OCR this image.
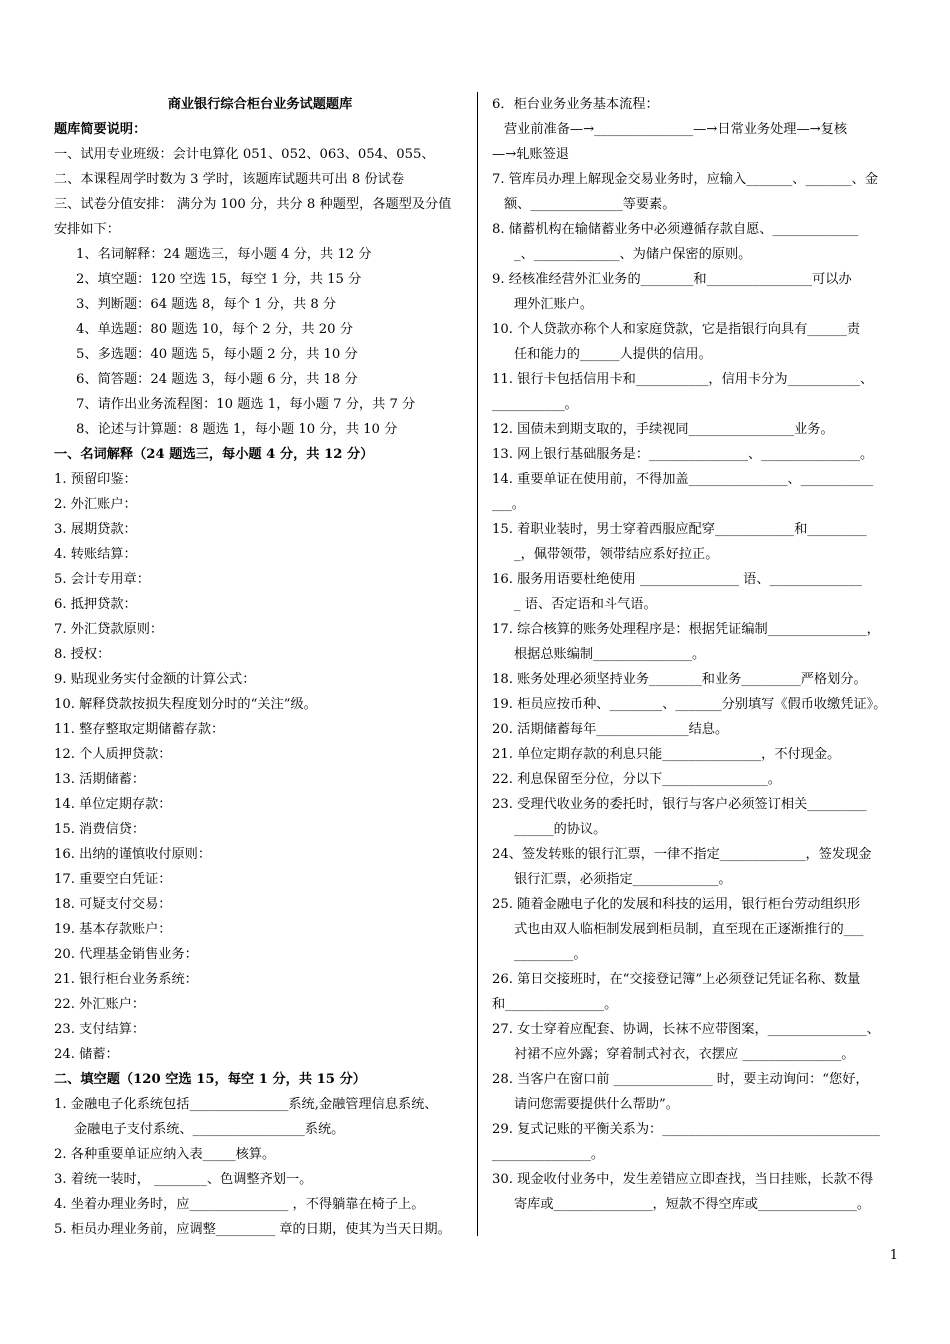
商业银行综合柜台业务试题题库
题库简要说明：
一、试用专业班级：会计电算化 051、052、063、054、055、
二、本课程周学时数为 3 学时，该题库试题共可出 8 份试卷
三、试卷分值安排： 满分为 100 分，共分 8 种题型，各题型及分值
安排如下：
1、名词解释：24 题选三，每小题 4 分，共 12 分
2、填空题：120 空选 15，每空 1 分，共 15 分
3、判断题：64 题选 8，每个 1 分，共 8 分
4、单选题：80 题选 10，每个 2 分，共 20 分
5、多选题：40 题选 5，每小题 2 分，共 10 分
6、简答题：24 题选 3，每小题 6 分，共 18 分
7、请作出业务流程图：10 题选 1，每小题 7 分，共 7 分
8、论述与计算题：8 题选 1，每小题 10 分，共 10 分
一、名词解释（24 题选三，每小题 4 分，共 12 分）
1. 预留印鉴：
2. 外汇账户：
3. 展期贷款：
4. 转账结算：
5. 会计专用章：
6. 抵押贷款：
7. 外汇贷款原则：
8. 授权：
9. 贴现业务实付金额的计算公式：
10. 解释贷款按损失程度划分时的“关注”级。
11. 整存整取定期储蓄存款：
12. 个人质押贷款：
13. 活期储蓄：
14. 单位定期存款：
15. 消费信贷：
16. 出纳的谨慎收付原则：
17. 重要空白凭证：
18. 可疑支付交易：
19. 基本存款账户：
20. 代理基金销售业务：
21. 银行柜台业务系统：
22. 外汇账户：
23. 支付结算：
24. 储蓄：
二、填空题（120 空选 15，每空 1 分，共 15 分）
1. 金融电子化系统包括_______________系统,金融管理信息系统、
金融电子支付系统、_________________系统。
2. 各种重要单证应纳入表_____核算。
3. 着统一装时， ________、色调整齐划一。
4. 坐着办理业务时，应_______________ ，不得躺靠在椅子上。
5. 柜员办理业务前，应调整_________ 章的日期，使其为当天日期。
6．柜台业务业务基本流程：
营业前准备—→_______________—→日常业务处理—→复核
—→轧账签退
7. 管库员办理上解现金交易业务时，应输入_______、_______、金
额、______________等要素。
8. 储蓄机构在输储蓄业务中必须遵循存款自愿、_____________
_、_____________、为储户保密的原则。
9. 经核准经营外汇业务的________和________________可以办
理外汇账户。
10. 个人贷款亦称个人和家庭贷款，它是指银行向具有______责
任和能力的______人提供的信用。
11. 银行卡包括信用卡和___________，信用卡分为___________、
___________。
12. 国债未到期支取的，手续视同________________业务。
13. 网上银行基础服务是：_______________、_______________。
14. 重要单证在使用前，不得加盖_______________、___________
___。
15. 着职业装时，男士穿着西服应配穿____________和_________
_，佩带领带，领带结应系好拉正。
16. 服务用语要杜绝使用 _______________ 语、______________
_ 语、否定语和斗气语。
17. 综合核算的账务处理程序是：根据凭证编制_______________，
根据总账编制_______________。
18. 账务处理必须坚持业务________和业务_________严格划分。
19. 柜员应按币种、________、_______分别填写《假币收缴凭证》。
20. 活期储蓄每年______________结息。
21. 单位定期存款的利息只能_______________，不付现金。
22. 利息保留至分位，分以下________________。
23. 受理代收业务的委托时，银行与客户必须签订相关_________
______的协议。
24、签发转账的银行汇票，一律不指定_____________，签发现金
银行汇票，必须指定_____________。
25. 随着金融电子化的发展和科技的运用，银行柜台劳动组织形
式也由双人临柜制发展到柜员制，直至现在正逐渐推行的___
_________。
26. 第日交接班时，在“交接登记簿”上必须登记凭证名称、数量
和_______________。
27. 女士穿着应配套、协调，长袜不应带图案，_______________、
衬裙不应外露；穿着制式衬衣，衣摆应 _______________。
28. 当客户在窗口前 _______________ 时，要主动询问：“您好，
请问您需要提供什么帮助”。
29. 复式记账的平衡关系为：_________________________________
_______________。
30. 现金收付业务中，发生差错应立即查找，当日挂账，长款不得
寄库或_______________，短款不得空库或_______________。
1
